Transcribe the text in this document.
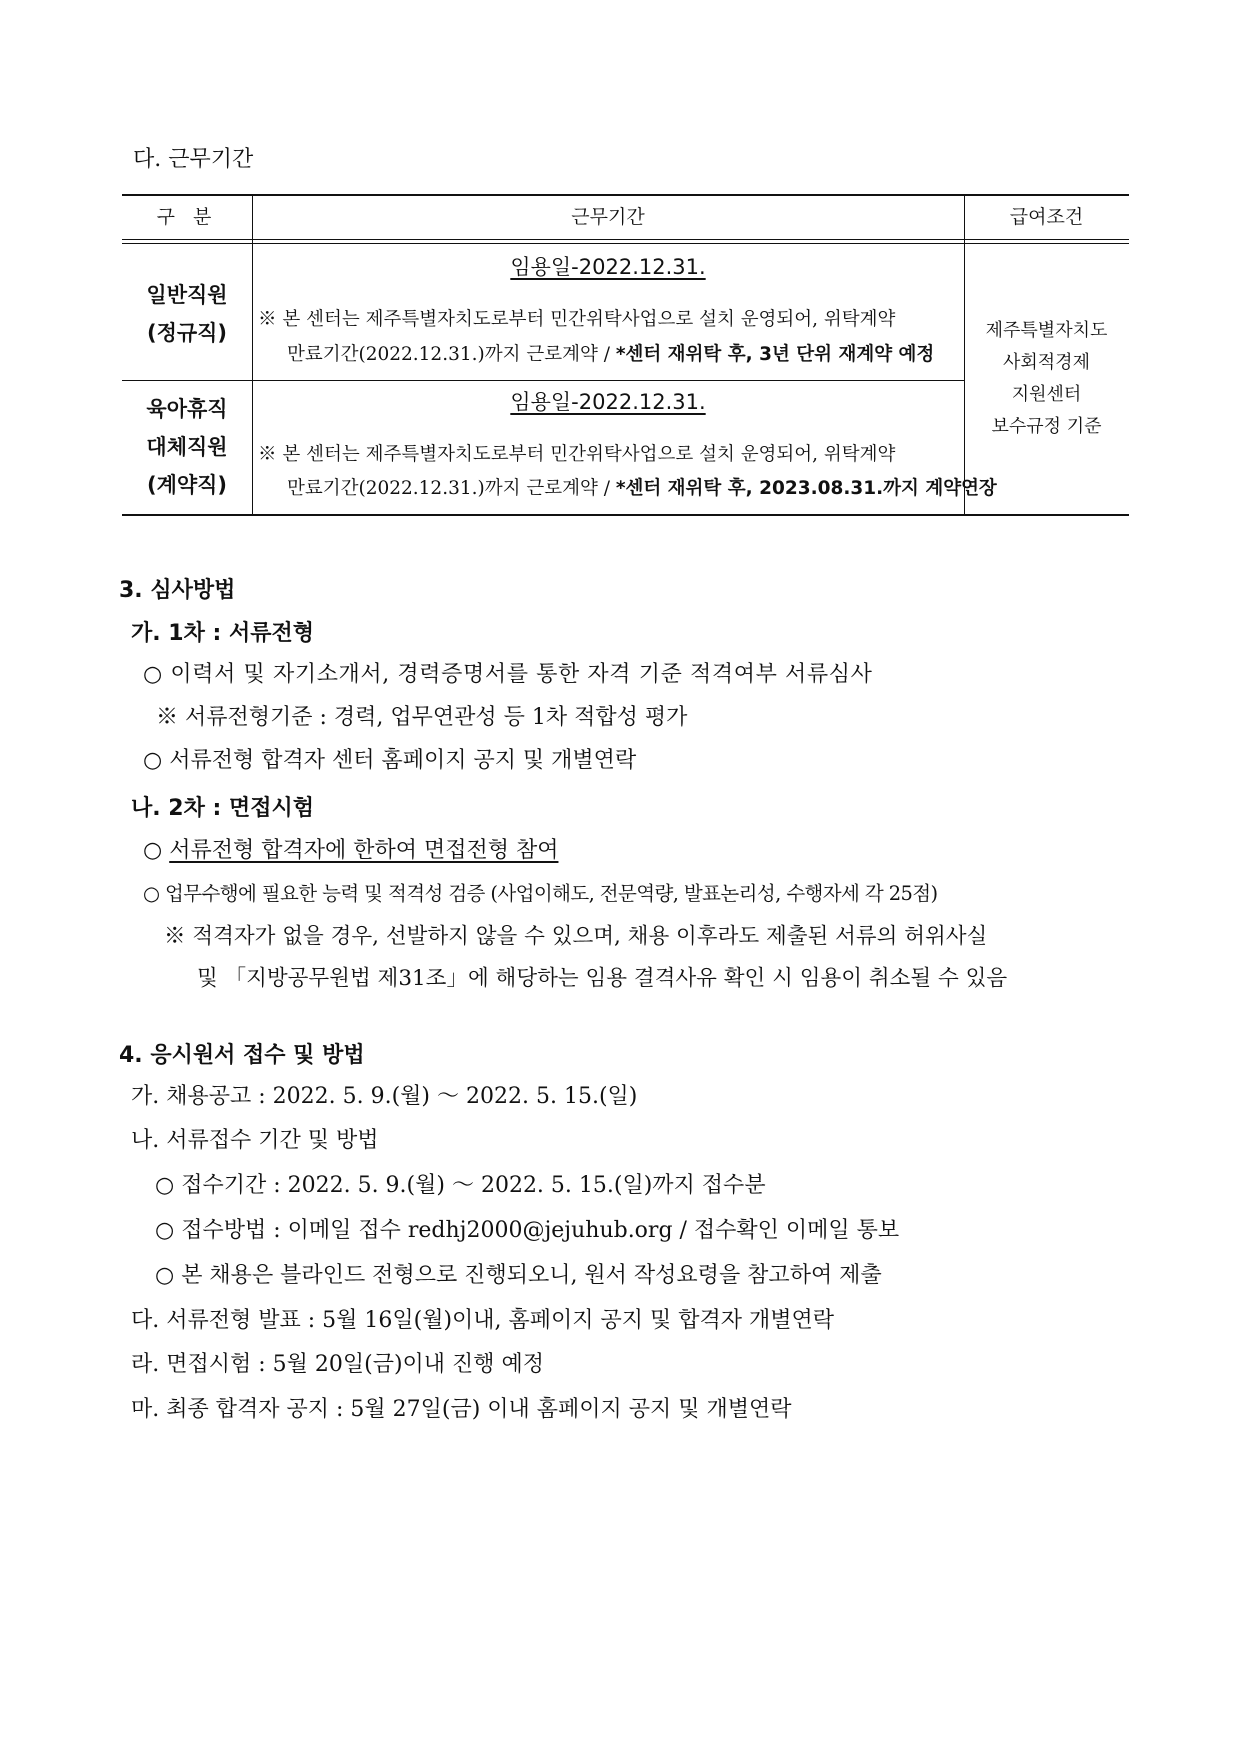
다. 근무기간
구 분	근무기간	급여조건
일반직원
(정규직)
임용일-2022.12.31.
※ 본 센터는 제주특별자치도로부터 민간위탁사업으로 설치 운영되어, 위탁계약
만료기간(2022.12.31.)까지 근로계약 / *센터 재위탁 후, 3년 단위 재계약 예정
육아휴직
대체직원
(계약직)
임용일-2022.12.31.
※ 본 센터는 제주특별자치도로부터 민간위탁사업으로 설치 운영되어, 위탁계약
만료기간(2022.12.31.)까지 근로계약 / *센터 재위탁 후, 2023.08.31.까지 계약연장
제주특별자치도
사회적경제
지원센터
보수규정 기준
3. 심사방법
가. 1차 : 서류전형
○ 이력서 및 자기소개서, 경력증명서를 통한 자격 기준 적격여부 서류심사
※ 서류전형기준 : 경력, 업무연관성 등 1차 적합성 평가
○ 서류전형 합격자 센터 홈페이지 공지 및 개별연락
나. 2차 : 면접시험
○ 서류전형 합격자에 한하여 면접전형 참여
○ 업무수행에 필요한 능력 및 적격성 검증 (사업이해도, 전문역량, 발표논리성, 수행자세 각 25점)
※ 적격자가 없을 경우, 선발하지 않을 수 있으며, 채용 이후라도 제출된 서류의 허위사실
및 「지방공무원법 제31조」에 해당하는 임용 결격사유 확인 시 임용이 취소될 수 있음
4. 응시원서 접수 및 방법
가. 채용공고 : 2022. 5. 9.(월) ～ 2022. 5. 15.(일)
나. 서류접수 기간 및 방법
○ 접수기간 : 2022. 5. 9.(월) ～ 2022. 5. 15.(일)까지 접수분
○ 접수방법 : 이메일 접수 redhj2000@jejuhub.org / 접수확인 이메일 통보
○ 본 채용은 블라인드 전형으로 진행되오니, 원서 작성요령을 참고하여 제출
다. 서류전형 발표 : 5월 16일(월)이내, 홈페이지 공지 및 합격자 개별연락
라. 면접시험 : 5월 20일(금)이내 진행 예정
마. 최종 합격자 공지 : 5월 27일(금) 이내 홈페이지 공지 및 개별연락
